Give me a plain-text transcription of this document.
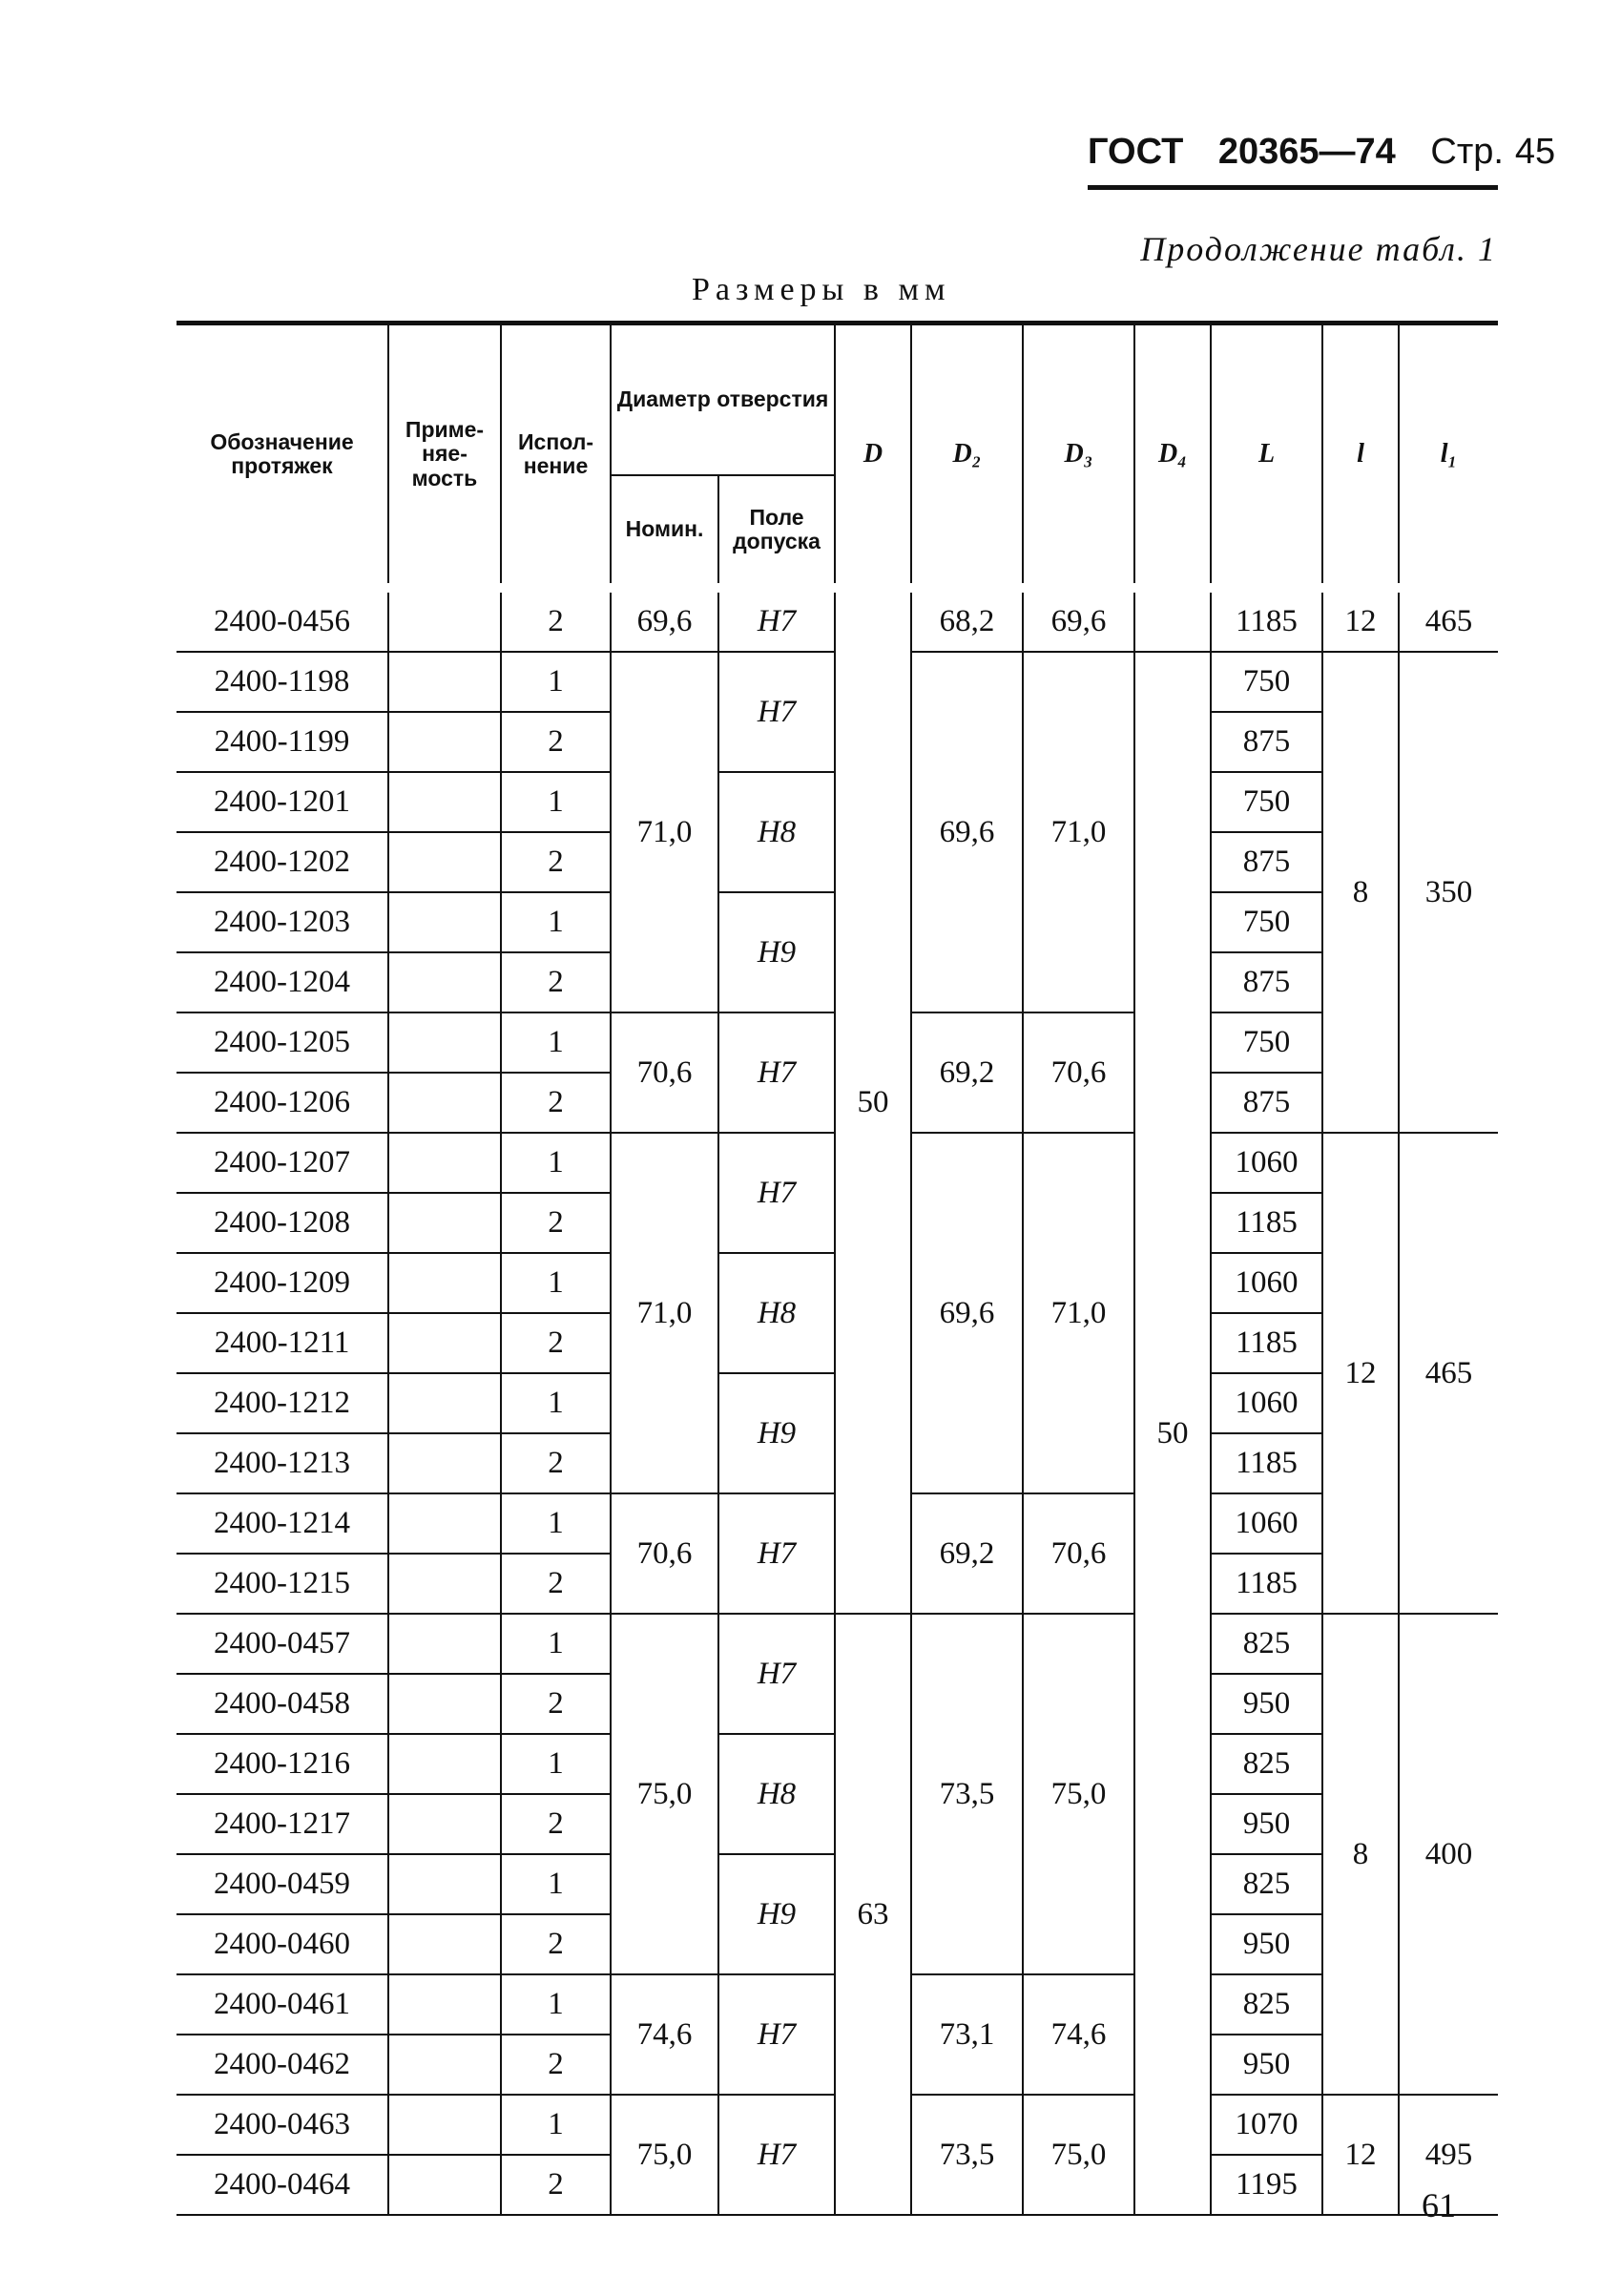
ГОСТ 20365—74 Стр. 45
Продолжение табл. 1
Размеры в мм
Обозначение протяжек	Приме-няе-мость	Испол-нение	Диаметр отверстия		D	D₂	D₃	D₄	L	l	l₁
			Номин.	Поле допуска							
2400-0456		2	69,6	H7	50	68,2	69,6		1185	12	465
2400-1198		1	71,0	H7		69,6	71,0	50	750	8	350
2400-1199		2							875		
2400-1201		1		H8					750		
2400-1202		2							875		
2400-1203		1		H9					750		
2400-1204		2							875		
2400-1205		1	70,6	H7		69,2	70,6		750		
2400-1206		2							875		
2400-1207		1	71,0	H7		69,6	71,0		1060	12	465
2400-1208		2							1185		
2400-1209		1		H8					1060		
2400-1211		2							1185		
2400-1212		1		H9					1060		
2400-1213		2							1185		
2400-1214		1	70,6	H7		69,2	70,6		1060		
2400-1215		2							1185		
2400-0457		1	75,0	H7	63	73,5	75,0		825	8	400
2400-0458		2							950		
2400-1216		1		H8					825		
2400-1217		2							950		
2400-0459		1		H9					825		
2400-0460		2							950		
2400-0461		1	74,6	H7		73,1	74,6		825		
2400-0462		2							950		
2400-0463		1	75,0	H7		73,5	75,0		1070	12	495
2400-0464		2							1195		
61
